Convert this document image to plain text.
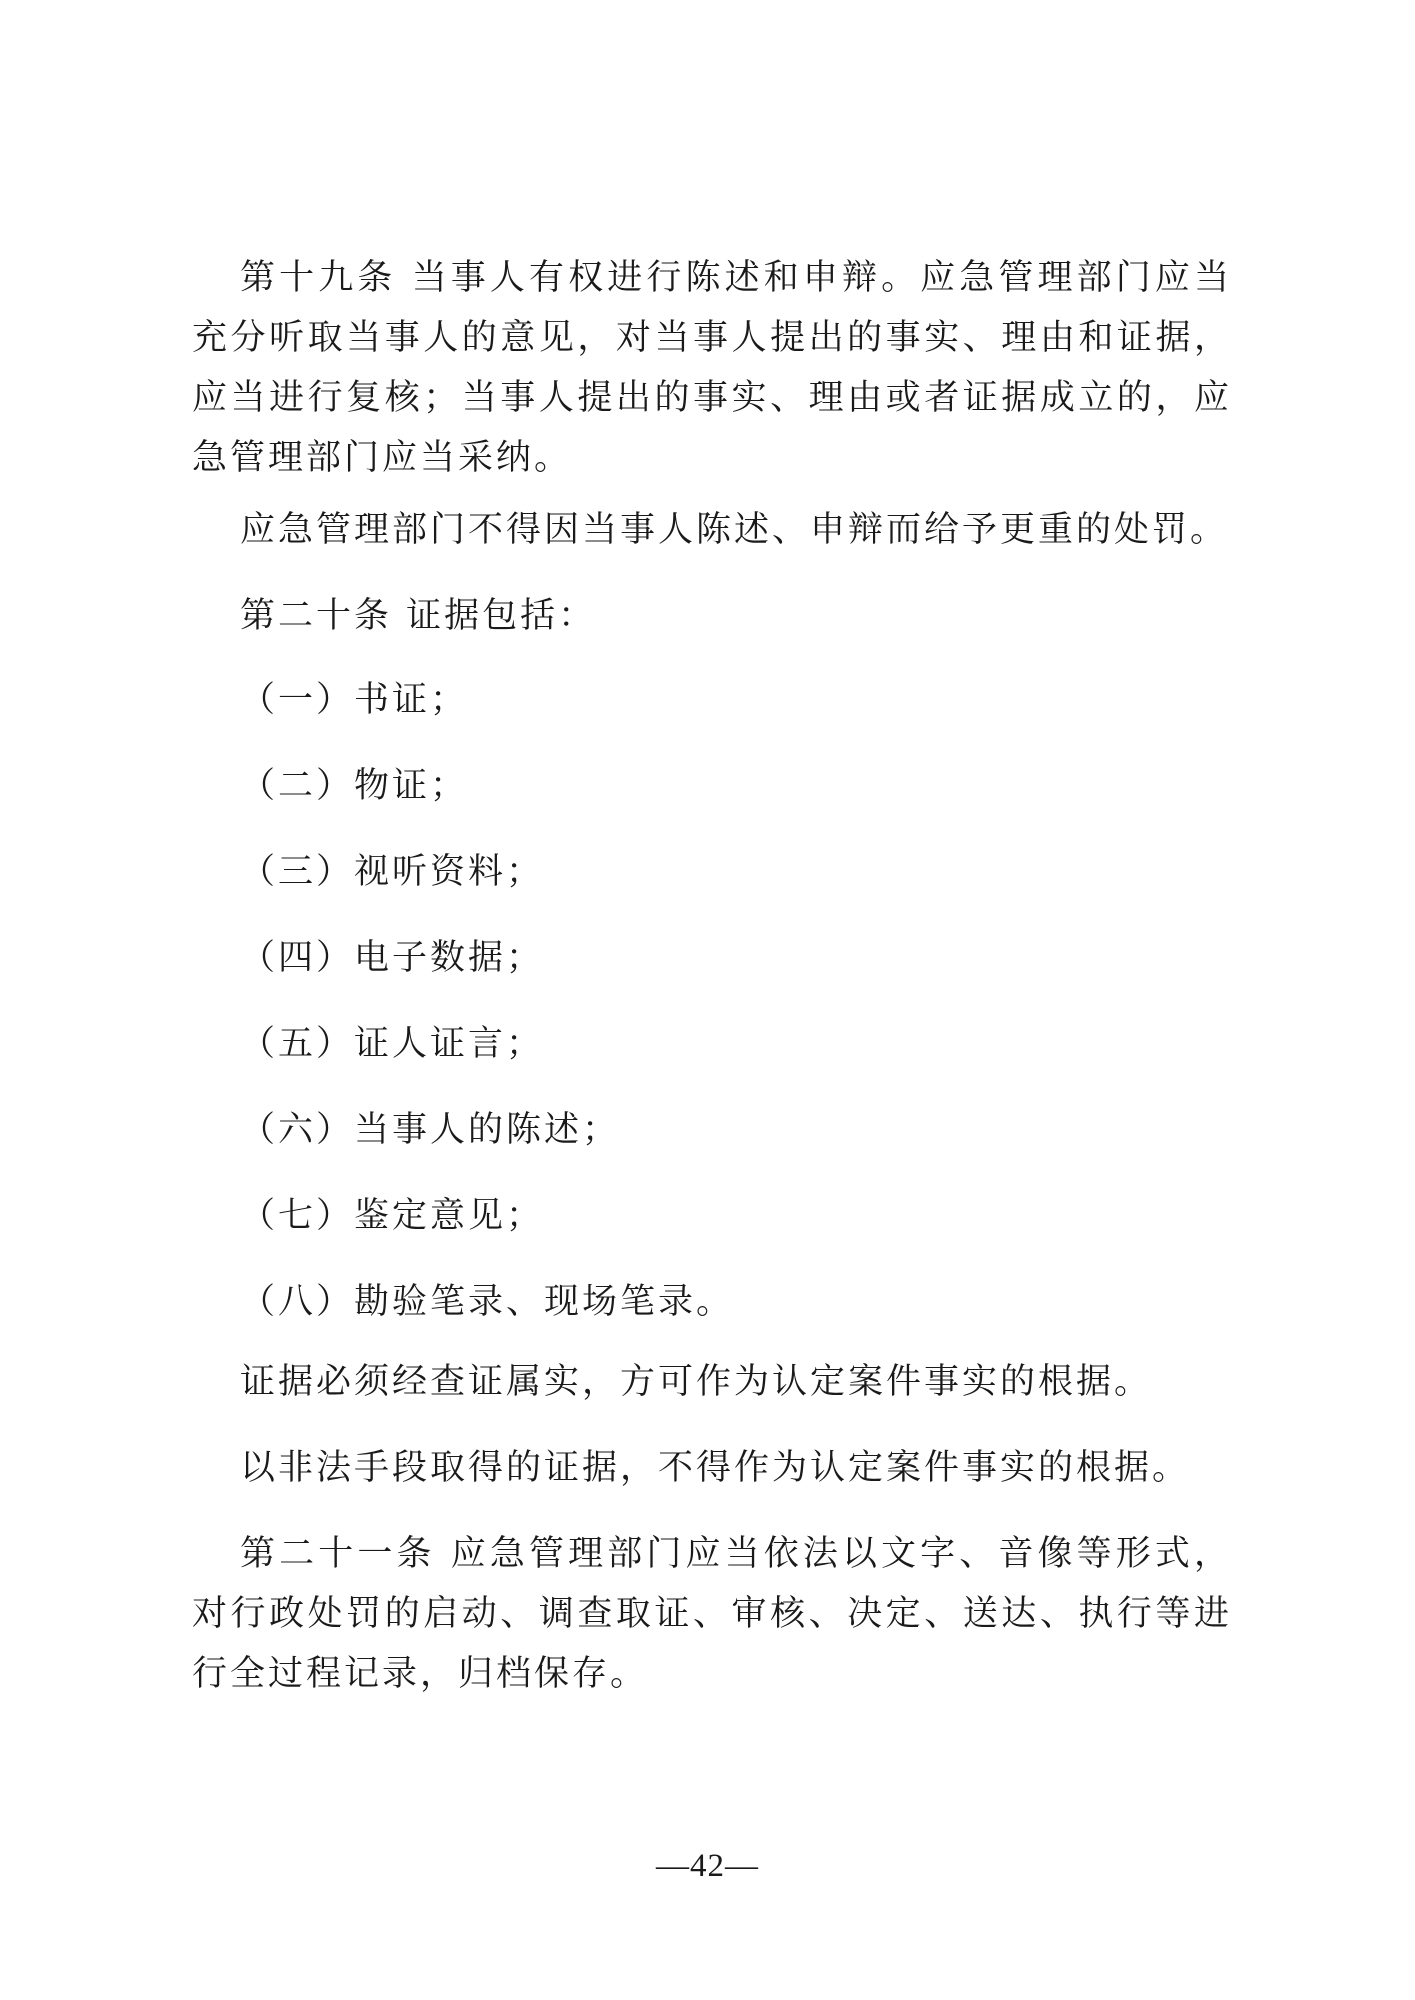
第十九条 当事人有权进行陈述和申辩。应急管理部门应当充分听取当事人的意见，对当事人提出的事实、理由和证据，应当进行复核；当事人提出的事实、理由或者证据成立的，应急管理部门应当采纳。

应急管理部门不得因当事人陈述、申辩而给予更重的处罚。

第二十条 证据包括：

（一）书证；

（二）物证；

（三）视听资料；

（四）电子数据；

（五）证人证言；

（六）当事人的陈述；

（七）鉴定意见；

（八）勘验笔录、现场笔录。

证据必须经查证属实，方可作为认定案件事实的根据。

以非法手段取得的证据，不得作为认定案件事实的根据。

第二十一条 应急管理部门应当依法以文字、音像等形式，对行政处罚的启动、调查取证、审核、决定、送达、执行等进行全过程记录，归档保存。

—42—
